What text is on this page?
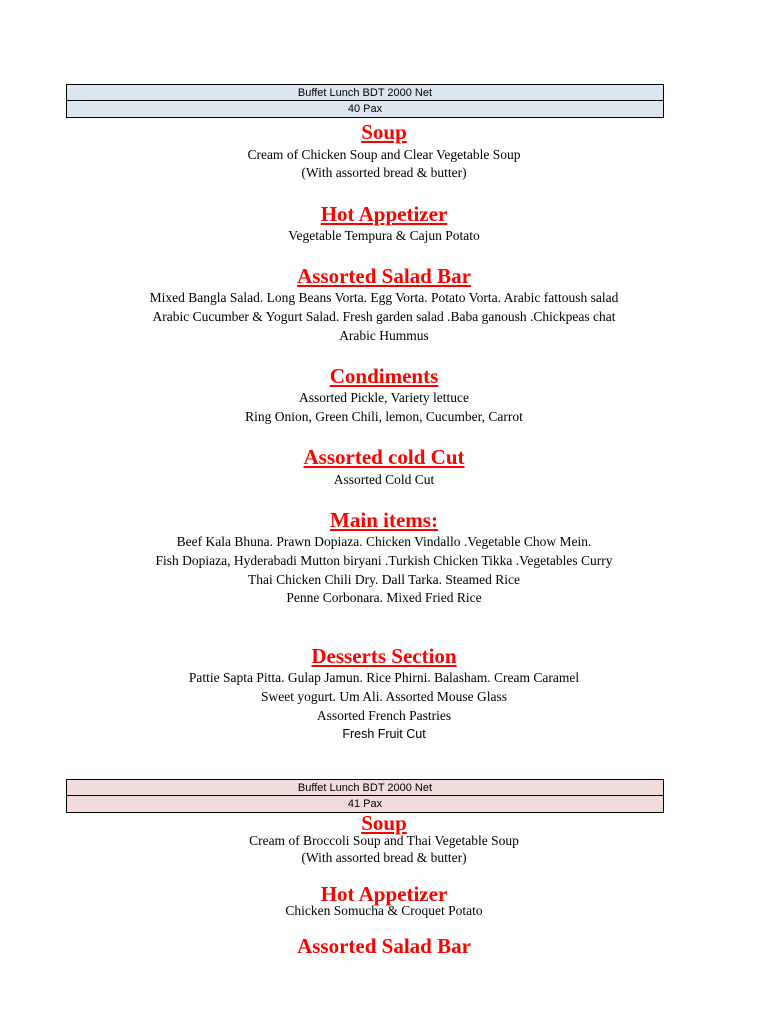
Buffet Lunch BDT 2000 Net
40 Pax
Soup
Cream of Chicken Soup and Clear Vegetable Soup
(With assorted bread & butter)
Hot Appetizer
Vegetable Tempura & Cajun Potato
Assorted Salad Bar
Mixed Bangla Salad. Long Beans Vorta. Egg Vorta. Potato Vorta. Arabic fattoush salad
Arabic Cucumber & Yogurt Salad. Fresh garden salad .Baba ganoush .Chickpeas chat
Arabic Hummus
Condiments
Assorted Pickle, Variety lettuce
Ring Onion, Green Chili, lemon, Cucumber, Carrot
Assorted cold Cut
Assorted Cold Cut
Main items:
Beef Kala Bhuna. Prawn Dopiaza. Chicken Vindallo .Vegetable Chow Mein.
Fish Dopiaza, Hyderabadi Mutton biryani .Turkish Chicken Tikka .Vegetables Curry
Thai Chicken Chili Dry. Dall Tarka. Steamed Rice
Penne Corbonara. Mixed Fried Rice
Desserts Section
Pattie Sapta Pitta. Gulap Jamun. Rice Phirni. Balasham. Cream Caramel
Sweet yogurt. Um Ali. Assorted Mouse Glass
Assorted French Pastries
Fresh Fruit Cut
Buffet Lunch BDT 2000 Net
41 Pax
Soup
Cream of Broccoli Soup and Thai Vegetable Soup
(With assorted bread & butter)
Hot Appetizer
Chicken Somucha & Croquet Potato
Assorted Salad Bar
